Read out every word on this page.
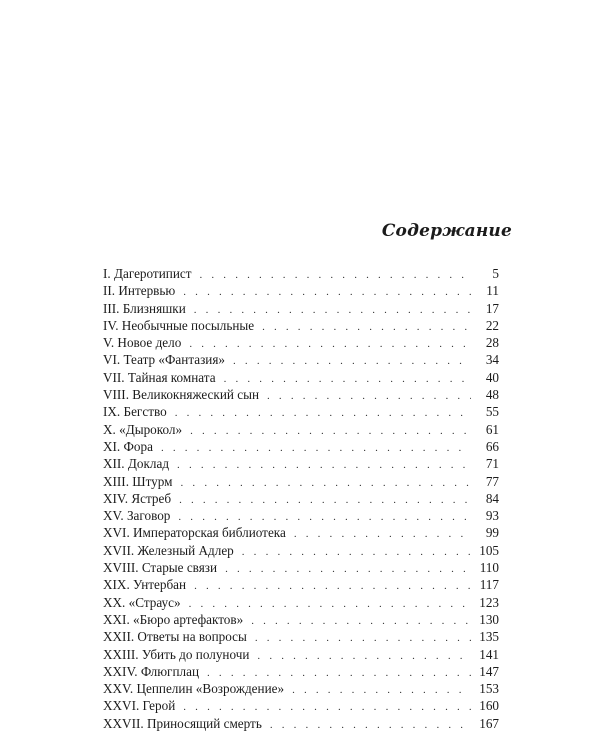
Содержание
I. Дагеротипист . . .	5
II. Интервью . . .	11
III. Близняшки . . .	17
IV. Необычные посыльные . . .	22
V. Новое дело . . .	28
VI. Театр «Фантазия» . . .	34
VII. Тайная комната . . .	40
VIII. Великокняжеский сын . . .	48
IX. Бегство . . .	55
X. «Дырокол» . . .	61
XI. Фора . . .	66
XII. Доклад . . .	71
XIII. Штурм . . .	77
XIV. Ястреб . . .	84
XV. Заговор . . .	93
XVI. Императорская библиотека . . .	99
XVII. Железный Адлер . . .	105
XVIII. Старые связи . . .	110
XIX. Унтербан . . .	117
XX. «Страус» . . .	123
XXI. «Бюро артефактов» . . .	130
XXII. Ответы на вопросы . . .	135
XXIII. Убить до полуночи . . .	141
XXIV. Флюгплац . . .	147
XXV. Цеппелин «Возрождение» . . .	153
XXVI. Герой . . .	160
XXVII. Приносящий смерть . . .	167
